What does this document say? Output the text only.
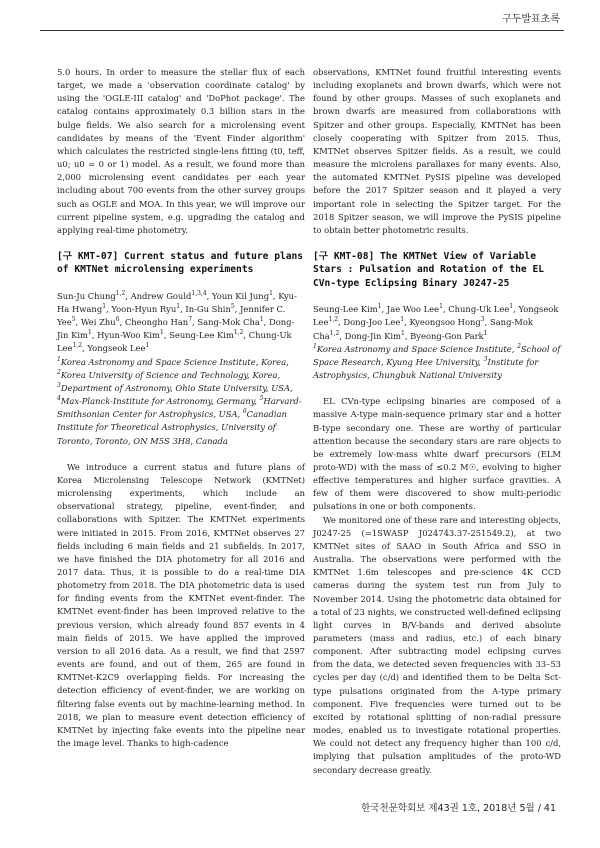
구두발표초록

5.0 hours. In order to measure the stellar flux of each target, we made a 'observation coordinate catalog' by using the 'OGLE-III catalog' and 'DoPhot package'. The catalog contains approximately 0.3 billion stars in the bulge fields. We also search for a microlensing event candidates by means of the 'Event Finder algorithm' which calculates the restricted single-lens fitting (t0, teff, u0; u0 = 0 or 1) model. As a result, we found more than 2,000 microlensing event candidates per each year including about 700 events from the other survey groups such as OGLE and MOA. In this year, we will improve our current pipeline system, e.g. upgrading the catalog and applying real-time photometry.

[구 KMT-07] Current status and future plans of KMTNet microlensing experiments

Sun-Ju Chung$^{1,2}$, Andrew Gould$^{1,3,4}$, Youn Kil Jung$^1$, Kyu-Ha Hwang$^1$, Yoon-Hyun Ryu$^1$, In-Gu Shin$^5$, Jennifer C. Yee$^5$, Wei Zhu$^6$, Cheongho Han$^7$, Sang-Mok Cha$^1$, Dong-Jin Kim$^1$, Hyun-Woo Kim$^1$, Seung-Lee Kim$^{1,2}$, Chung-Uk Lee$^{1,2}$, Yongseok Lee$^1$

$^1$Korea Astronomy and Space Science Institute, Korea, $^2$Korea University of Science and Technology, Korea, $^3$Department of Astronomy, Ohio State University, USA, $^4$Max-Planck-Institute for Astronomy, Germany, $^5$Harvard-Smithsonian Center for Astrophysics, USA, $^6$Canadian Institute for Theoretical Astrophysics, University of Toronto, Toronto, ON M5S 3H8, Canada

We introduce a current status and future plans of Korea Microlensing Telescope Network (KMTNet) microlensing experiments, which include an observational strategy, pipeline, event-finder, and collaborations with Spitzer. The KMTNet experiments were initiated in 2015. From 2016, KMTNet observes 27 fields including 6 main fields and 21 subfields. In 2017, we have finished the DIA photometry for all 2016 and 2017 data. Thus, it is possible to do a real-time DIA photometry from 2018. The DIA photometric data is used for finding events from the KMTNet event-finder. The KMTNet event-finder has been improved relative to the previous version, which already found 857 events in 4 main fields of 2015. We have applied the improved version to all 2016 data. As a result, we find that 2597 events are found, and out of them, 265 are found in KMTNet-K2C9 overlapping fields. For increasing the detection efficiency of event-finder, we are working on filtering false events out by machine-learning method. In 2018, we plan to measure event detection efficiency of KMTNet by injecting fake events into the pipeline near the image level. Thanks to high-cadence

observations, KMTNet found fruitful interesting events including exoplanets and brown dwarfs, which were not found by other groups. Masses of such exoplanets and brown dwarfs are measured from collaborations with Spitzer and other groups. Especially, KMTNet has been closely cooperating with Spitzer from 2015. Thus, KMTNet observes Spitzer fields. As a result, we could measure the microlens parallaxes for many events. Also, the automated KMTNet PySIS pipeline was developed before the 2017 Spitzer season and it played a very important role in selecting the Spitzer target. For the 2018 Spitzer season, we will improve the PySIS pipeline to obtain better photometric results.

[구 KMT-08] The KMTNet View of Variable Stars : Pulsation and Rotation of the EL CVn-type Eclipsing Binary J0247-25

Seung-Lee Kim$^1$, Jae Woo Lee$^1$, Chung-Uk Lee$^1$, Yongseok Lee$^{1,2}$, Dong-Joo Lee$^1$, Kyeongsoo Hong$^3$, Sang-Mok Cha$^{1,2}$, Dong-Jin Kim$^1$, Byeong-Gon Park$^1$

$^1$Korea Astronomy and Space Science Institute, $^2$School of Space Research, Kyung Hee University, $^3$Institute for Astrophysics, Chungbuk National University

EL CVn-type eclipsing binaries are composed of a massive A-type main-sequence primary star and a hotter B-type secondary one. These are worthy of particular attention because the secondary stars are rare objects to be extremely low-mass white dwarf precursors (ELM proto-WD) with the mass of ≤0.2 M☉, evolving to higher effective temperatures and higher surface gravities. A few of them were discovered to show multi-periodic pulsations in one or both components.

We monitored one of these rare and interesting objects, J0247-25 (=1SWASP J024743.37-251549.2), at two KMTNet sites of SAAO in South Africa and SSO in Australia. The observations were performed with the KMTNet 1.6m telescopes and pre-science 4K CCD cameras during the system test run from July to November 2014. Using the photometric data obtained for a total of 23 nights, we constructed well-defined eclipsing light curves in B/V-bands and derived absolute parameters (mass and radius, etc.) of each binary component. After subtracting model eclipsing curves from the data, we detected seven frequencies with 33–53 cycles per day (c/d) and identified them to be Delta Sct-type pulsations originated from the A-type primary component. Five frequencies were turned out to be excited by rotational splitting of non-radial pressure modes, enabled us to investigate rotational properties. We could not detect any frequency higher than 100 c/d, implying that pulsation amplitudes of the proto-WD secondary decrease greatly.

한국천문학회보 제43권 1호, 2018년 5월 / 41
